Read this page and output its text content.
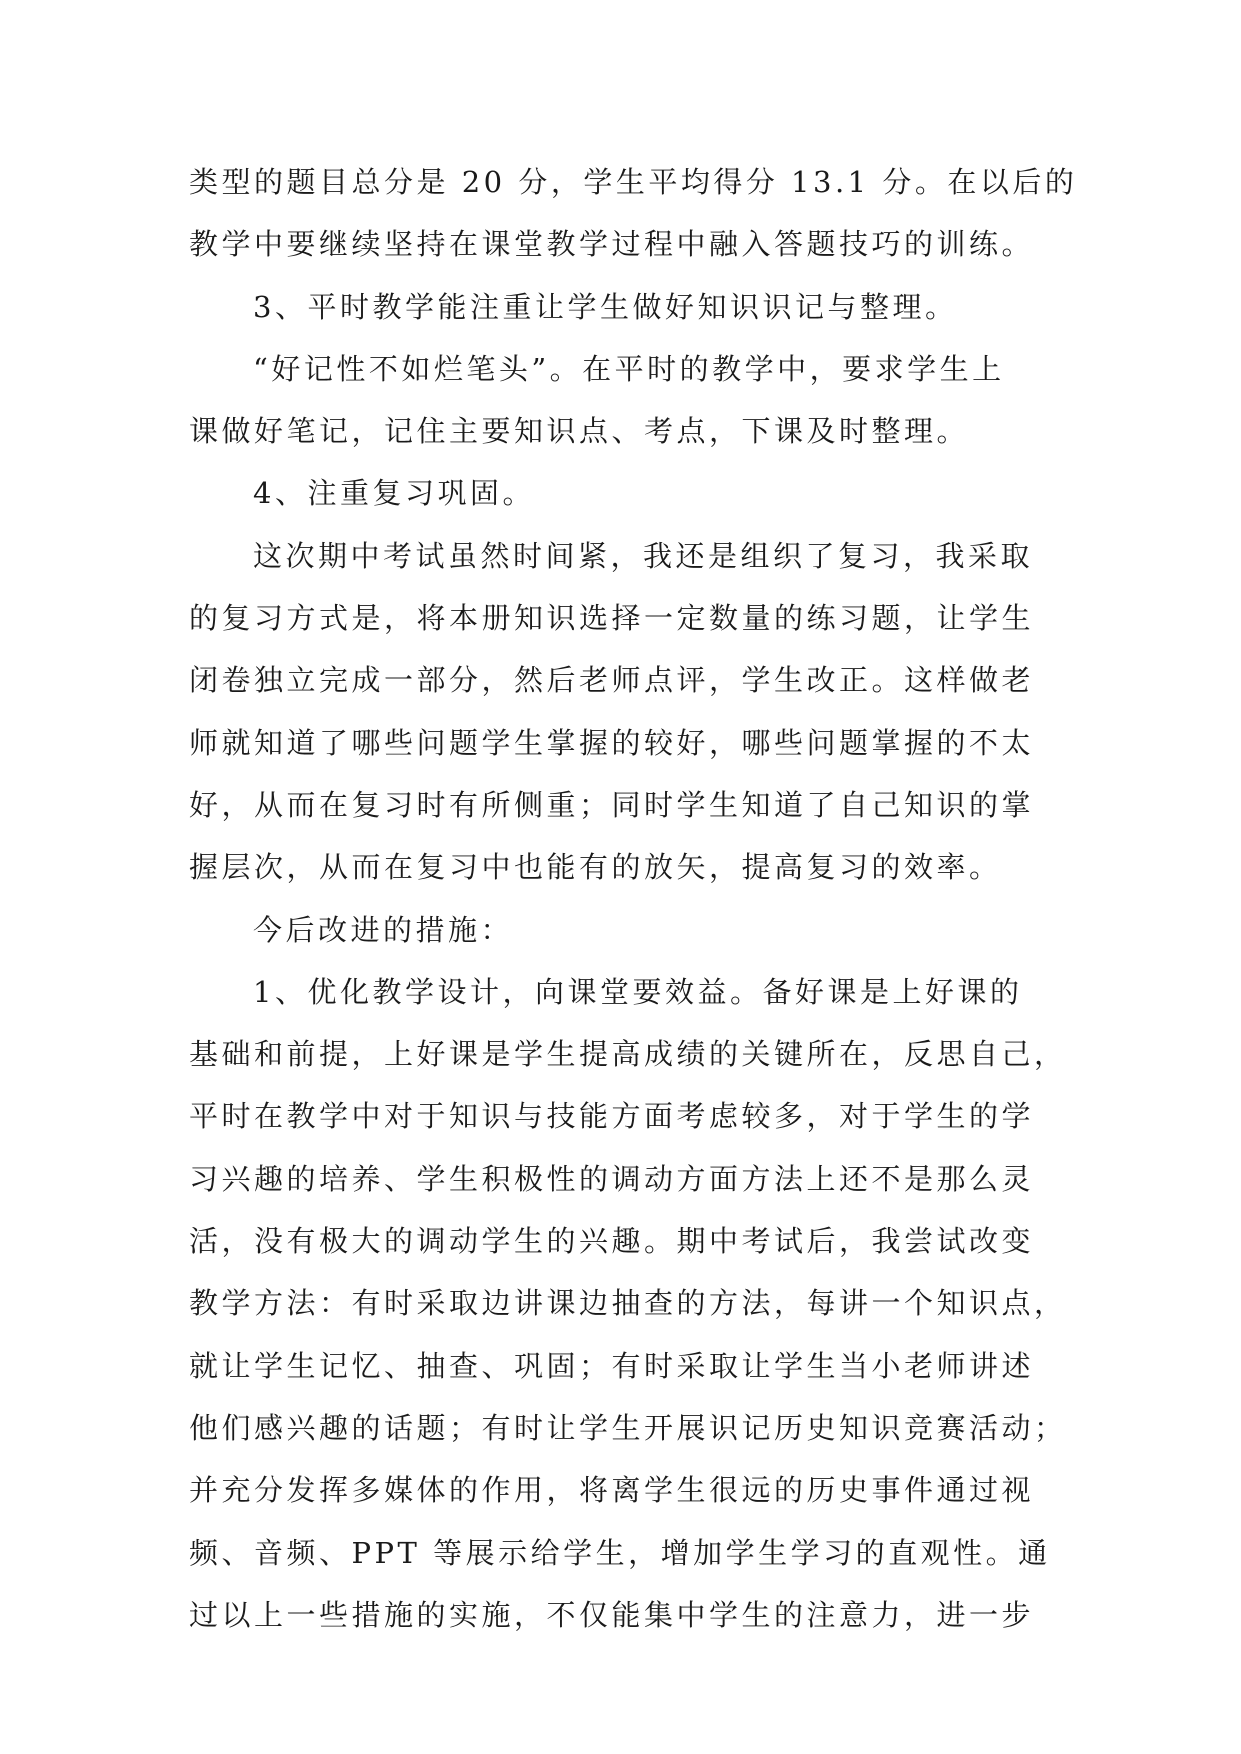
类型的题目总分是 20 分，学生平均得分 13.1 分。在以后的
教学中要继续坚持在课堂教学过程中融入答题技巧的训练。
3、平时教学能注重让学生做好知识识记与整理。
“好记性不如烂笔头”。在平时的教学中，要求学生上
课做好笔记，记住主要知识点、考点，下课及时整理。
4、注重复习巩固。
这次期中考试虽然时间紧，我还是组织了复习，我采取
的复习方式是，将本册知识选择一定数量的练习题，让学生
闭卷独立完成一部分，然后老师点评，学生改正。这样做老
师就知道了哪些问题学生掌握的较好，哪些问题掌握的不太
好，从而在复习时有所侧重；同时学生知道了自己知识的掌
握层次，从而在复习中也能有的放矢，提高复习的效率。
今后改进的措施：
1、优化教学设计，向课堂要效益。备好课是上好课的
基础和前提，上好课是学生提高成绩的关键所在，反思自己，
平时在教学中对于知识与技能方面考虑较多，对于学生的学
习兴趣的培养、学生积极性的调动方面方法上还不是那么灵
活，没有极大的调动学生的兴趣。期中考试后，我尝试改变
教学方法：有时采取边讲课边抽查的方法，每讲一个知识点，
就让学生记忆、抽查、巩固；有时采取让学生当小老师讲述
他们感兴趣的话题；有时让学生开展识记历史知识竞赛活动；
并充分发挥多媒体的作用，将离学生很远的历史事件通过视
频、音频、PPT 等展示给学生，增加学生学习的直观性。通
过以上一些措施的实施，不仅能集中学生的注意力，进一步
